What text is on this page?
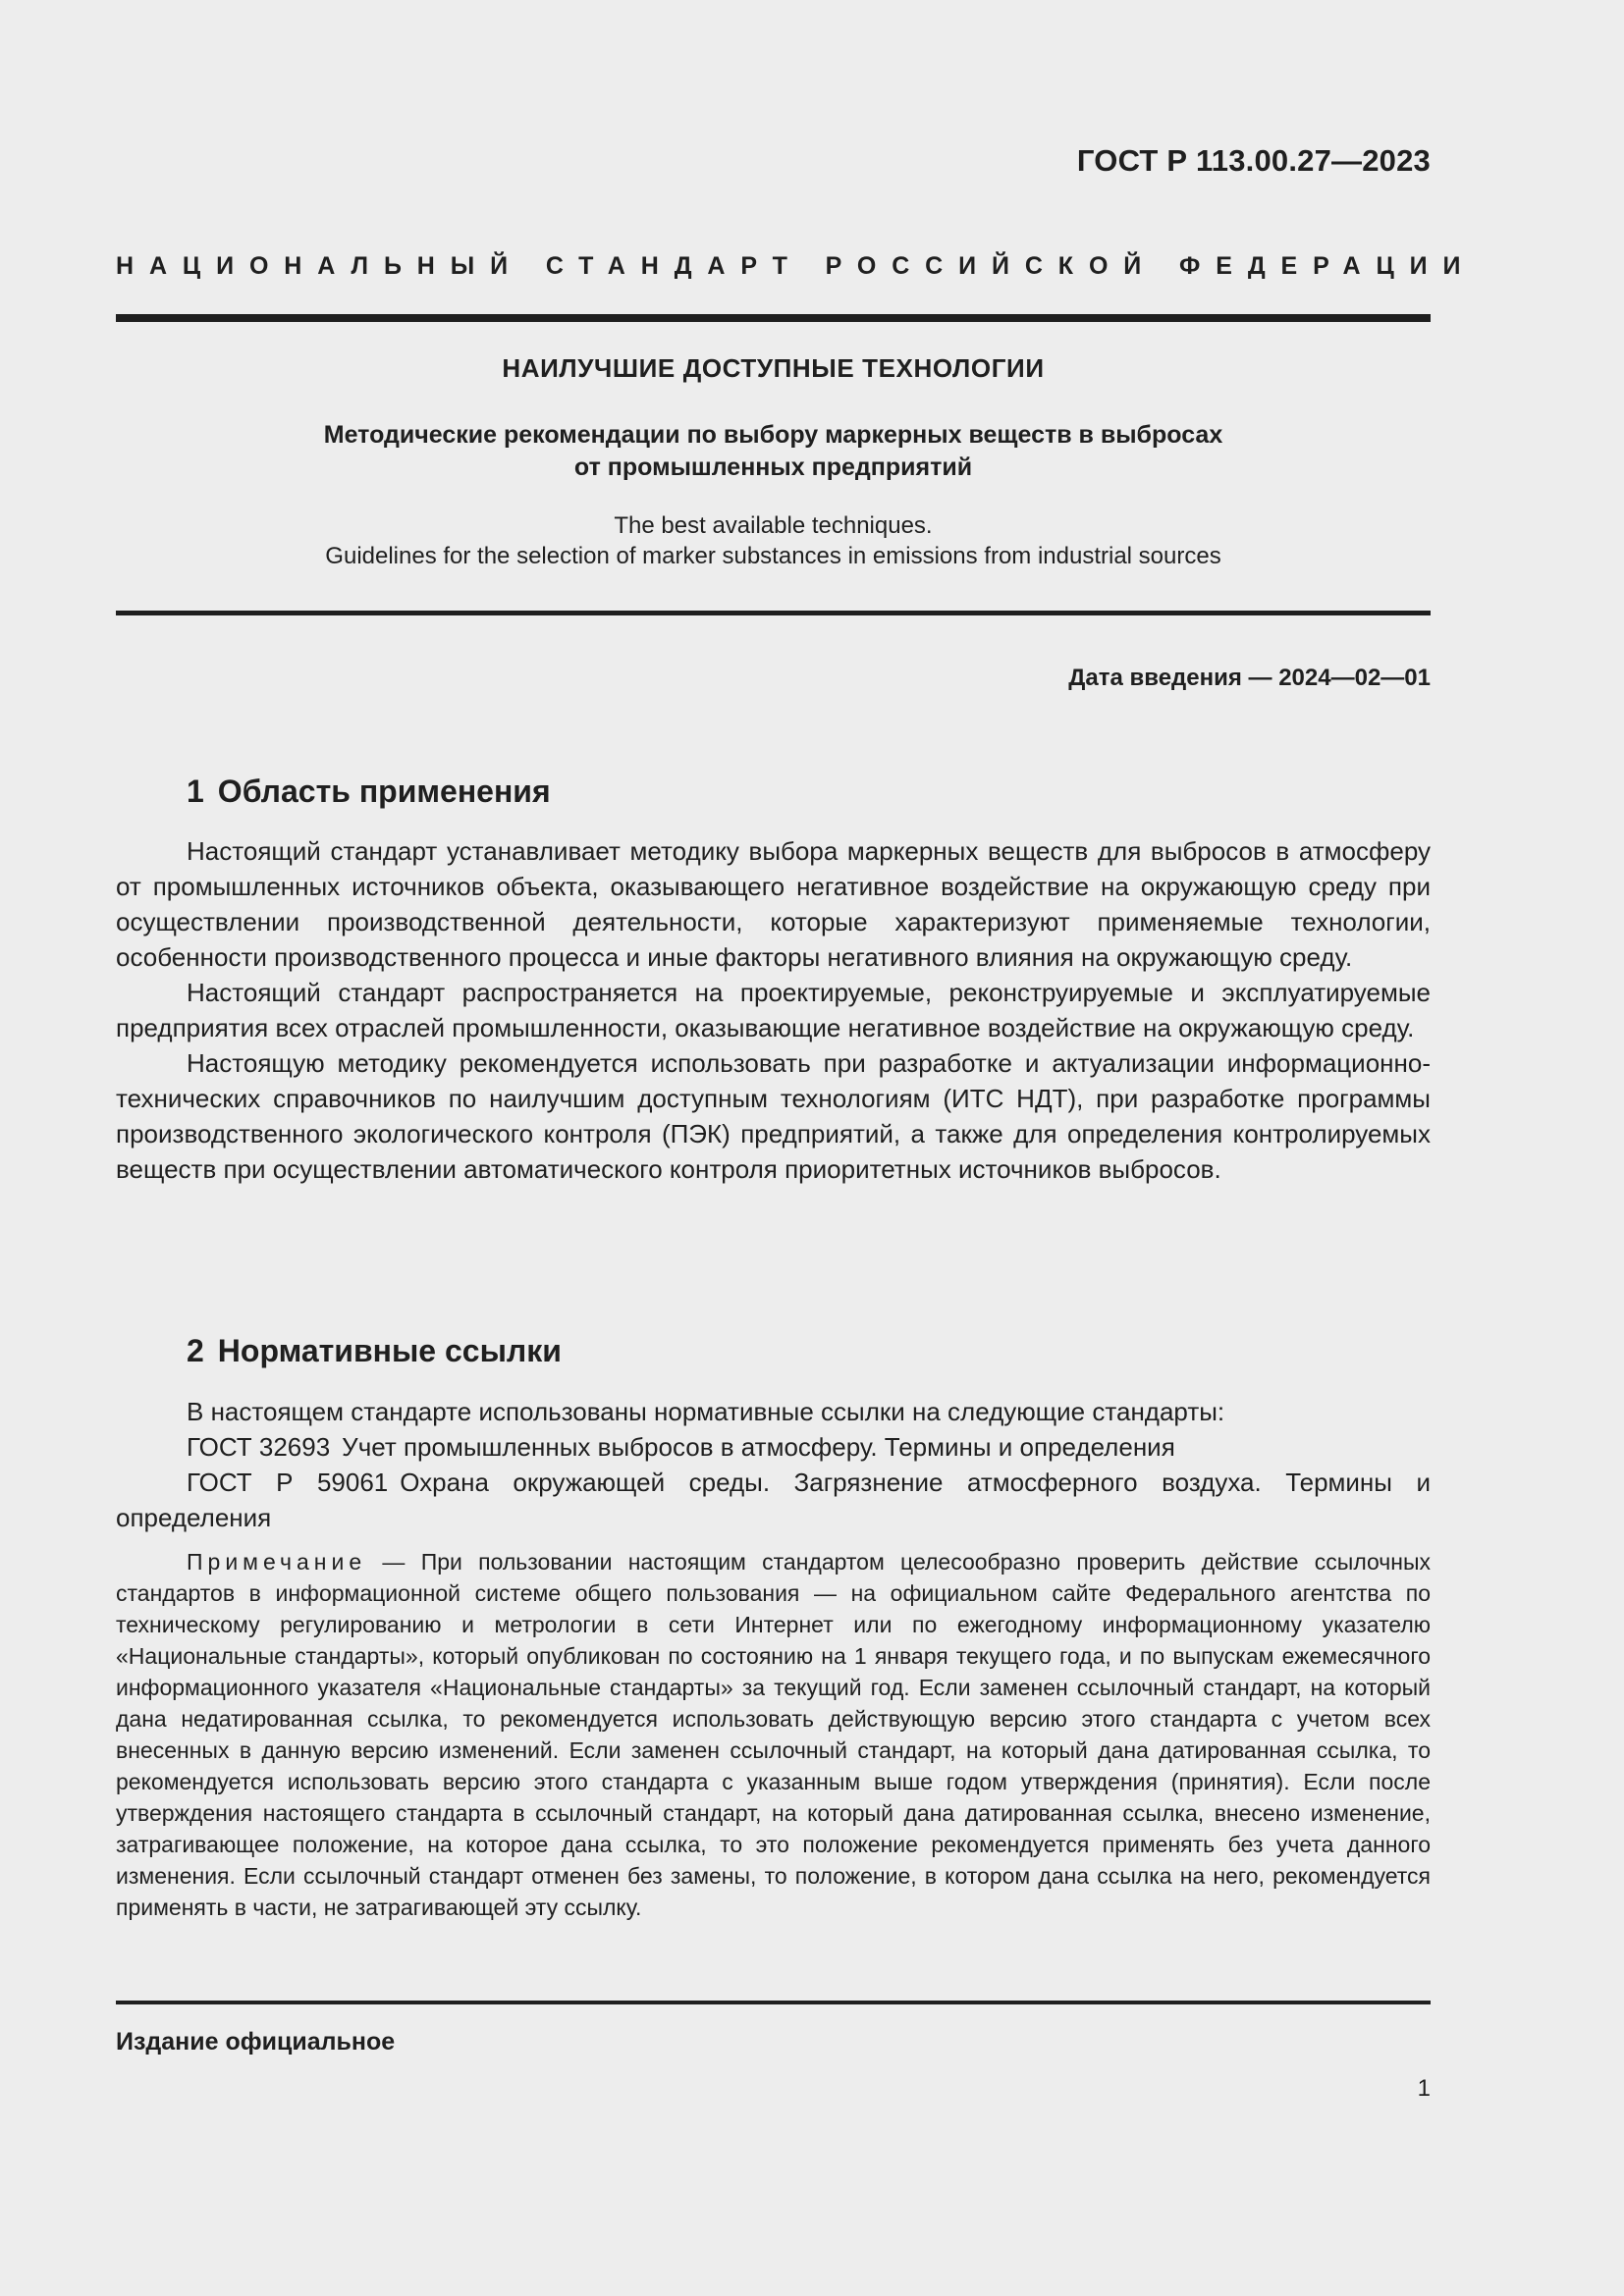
ГОСТ Р 113.00.27—2023
НАЦИОНАЛЬНЫЙ СТАНДАРТ РОССИЙСКОЙ ФЕДЕРАЦИИ
НАИЛУЧШИЕ ДОСТУПНЫЕ ТЕХНОЛОГИИ
Методические рекомендации по выбору маркерных веществ в выбросах
от промышленных предприятий
The best available techniques.
Guidelines for the selection of marker substances in emissions from industrial sources
Дата введения — 2024—02—01
1 Область применения

Настоящий стандарт устанавливает методику выбора маркерных веществ для выбросов в атмосферу от промышленных источников объекта, оказывающего негативное воздействие на окружающую среду при осуществлении производственной деятельности, которые характеризуют применяемые технологии, особенности производственного процесса и иные факторы негативного влияния на окружающую среду.

Настоящий стандарт распространяется на проектируемые, реконструируемые и эксплуатируемые предприятия всех отраслей промышленности, оказывающие негативное воздействие на окружающую среду.

Настоящую методику рекомендуется использовать при разработке и актуализации информационно-технических справочников по наилучшим доступным технологиям (ИТС НДТ), при разработке программы производственного экологического контроля (ПЭК) предприятий, а также для определения контролируемых веществ при осуществлении автоматического контроля приоритетных источников выбросов.

2 Нормативные ссылки

В настоящем стандарте использованы нормативные ссылки на следующие стандарты:

ГОСТ 32693 Учет промышленных выбросов в атмосферу. Термины и определения

ГОСТ Р 59061 Охрана окружающей среды. Загрязнение атмосферного воздуха. Термины и определения

Примечание — При пользовании настоящим стандартом целесообразно проверить действие ссылочных стандартов в информационной системе общего пользования — на официальном сайте Федерального агентства по техническому регулированию и метрологии в сети Интернет или по ежегодному информационному указателю «Национальные стандарты», который опубликован по состоянию на 1 января текущего года, и по выпускам ежемесячного информационного указателя «Национальные стандарты» за текущий год. Если заменен ссылочный стандарт, на который дана недатированная ссылка, то рекомендуется использовать действующую версию этого стандарта с учетом всех внесенных в данную версию изменений. Если заменен ссылочный стандарт, на который дана датированная ссылка, то рекомендуется использовать версию этого стандарта с указанным выше годом утверждения (принятия). Если после утверждения настоящего стандарта в ссылочный стандарт, на который дана датированная ссылка, внесено изменение, затрагивающее положение, на которое дана ссылка, то это положение рекомендуется применять без учета данного изменения. Если ссылочный стандарт отменен без замены, то положение, в котором дана ссылка на него, рекомендуется применять в части, не затрагивающей эту ссылку.
Издание официальное
1
